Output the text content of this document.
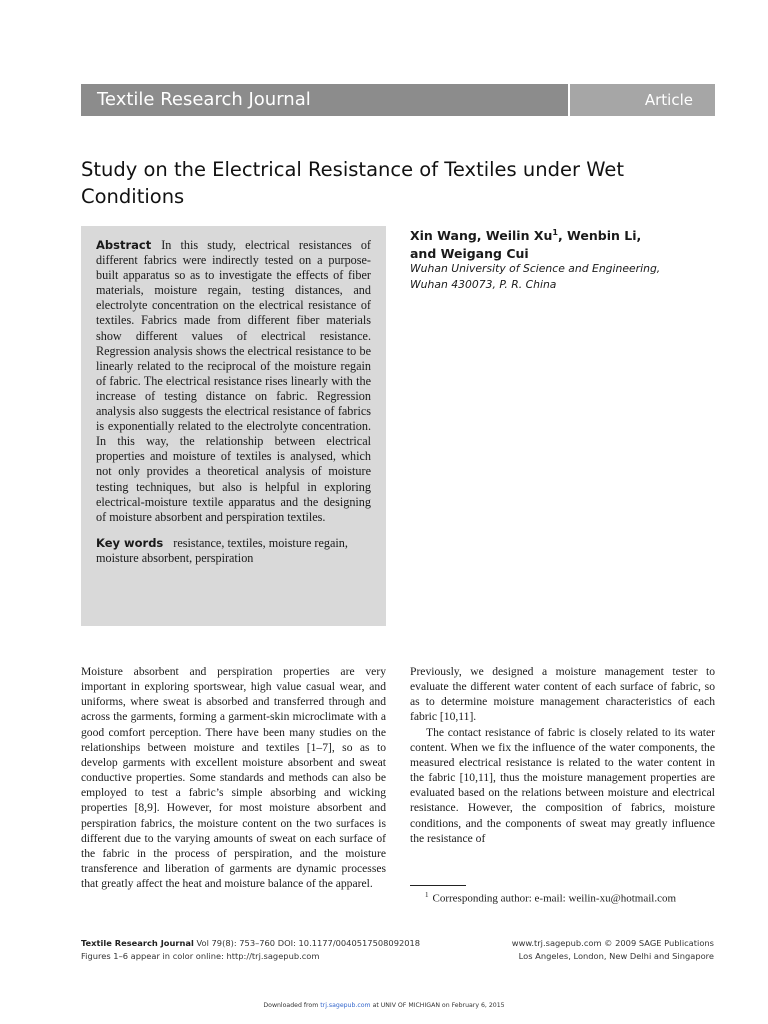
Textile Research Journal	Article
Study on the Electrical Resistance of Textiles under Wet Conditions

Abstract In this study, electrical resistances of different fabrics were indirectly tested on a purpose-built apparatus so as to investigate the effects of fiber materials, moisture regain, testing distances, and electrolyte concentration on the electrical resistance of textiles. Fabrics made from different fiber materials show different values of electrical resistance. Regression analysis shows the electrical resistance to be linearly related to the reciprocal of the moisture regain of fabric. The electrical resistance rises linearly with the increase of testing distance on fabric. Regression analysis also suggests the electrical resistance of fabrics is exponentially related to the electrolyte concentration. In this way, the relationship between electrical properties and moisture of textiles is analysed, which not only provides a theoretical analysis of moisture testing techniques, but also is helpful in exploring electrical-moisture textile apparatus and the designing of moisture absorbent and perspiration textiles.

Key words resistance, textiles, moisture regain, moisture absorbent, perspiration

Xin Wang, Weilin Xu$^1$, Wenbin Li,
and Weigang Cui

Wuhan University of Science and Engineering,
Wuhan 430073, P. R. China

Moisture absorbent and perspiration properties are very important in exploring sportswear, high value casual wear, and uniforms, where sweat is absorbed and transferred through and across the garments, forming a garment-skin microclimate with a good comfort perception. There have been many studies on the relationships between moisture and textiles [1–7], so as to develop garments with excellent moisture absorbent and sweat conductive properties. Some standards and methods can also be employed to test a fabric’s simple absorbing and wicking properties [8,9]. However, for most moisture absorbent and perspiration fabrics, the moisture content on the two surfaces is different due to the varying amounts of sweat on each surface of the fabric in the process of perspiration, and the moisture transference and liberation of garments are dynamic processes that greatly affect the heat and moisture balance of the apparel.

Previously, we designed a moisture management tester to evaluate the different water content of each surface of fabric, so as to determine moisture management characteristics of each fabric [10,11].

The contact resistance of fabric is closely related to its water content. When we fix the influence of the water components, the measured electrical resistance is related to the water content in the fabric [10,11], thus the moisture management properties are evaluated based on the relations between moisture and electrical resistance. However, the composition of fabrics, moisture conditions, and the components of sweat may greatly influence the resistance of

$^1$ Corresponding author: e-mail: weilin-xu@hotmail.com

Textile Research Journal Vol 79(8): 753–760 DOI: 10.1177/0040517508092018
Figures 1–6 appear in color online: http://trj.sagepub.com
www.trj.sagepub.com © 2009 SAGE Publications
Los Angeles, London, New Delhi and Singapore
Downloaded from trj.sagepub.com at UNIV OF MICHIGAN on February 6, 2015
